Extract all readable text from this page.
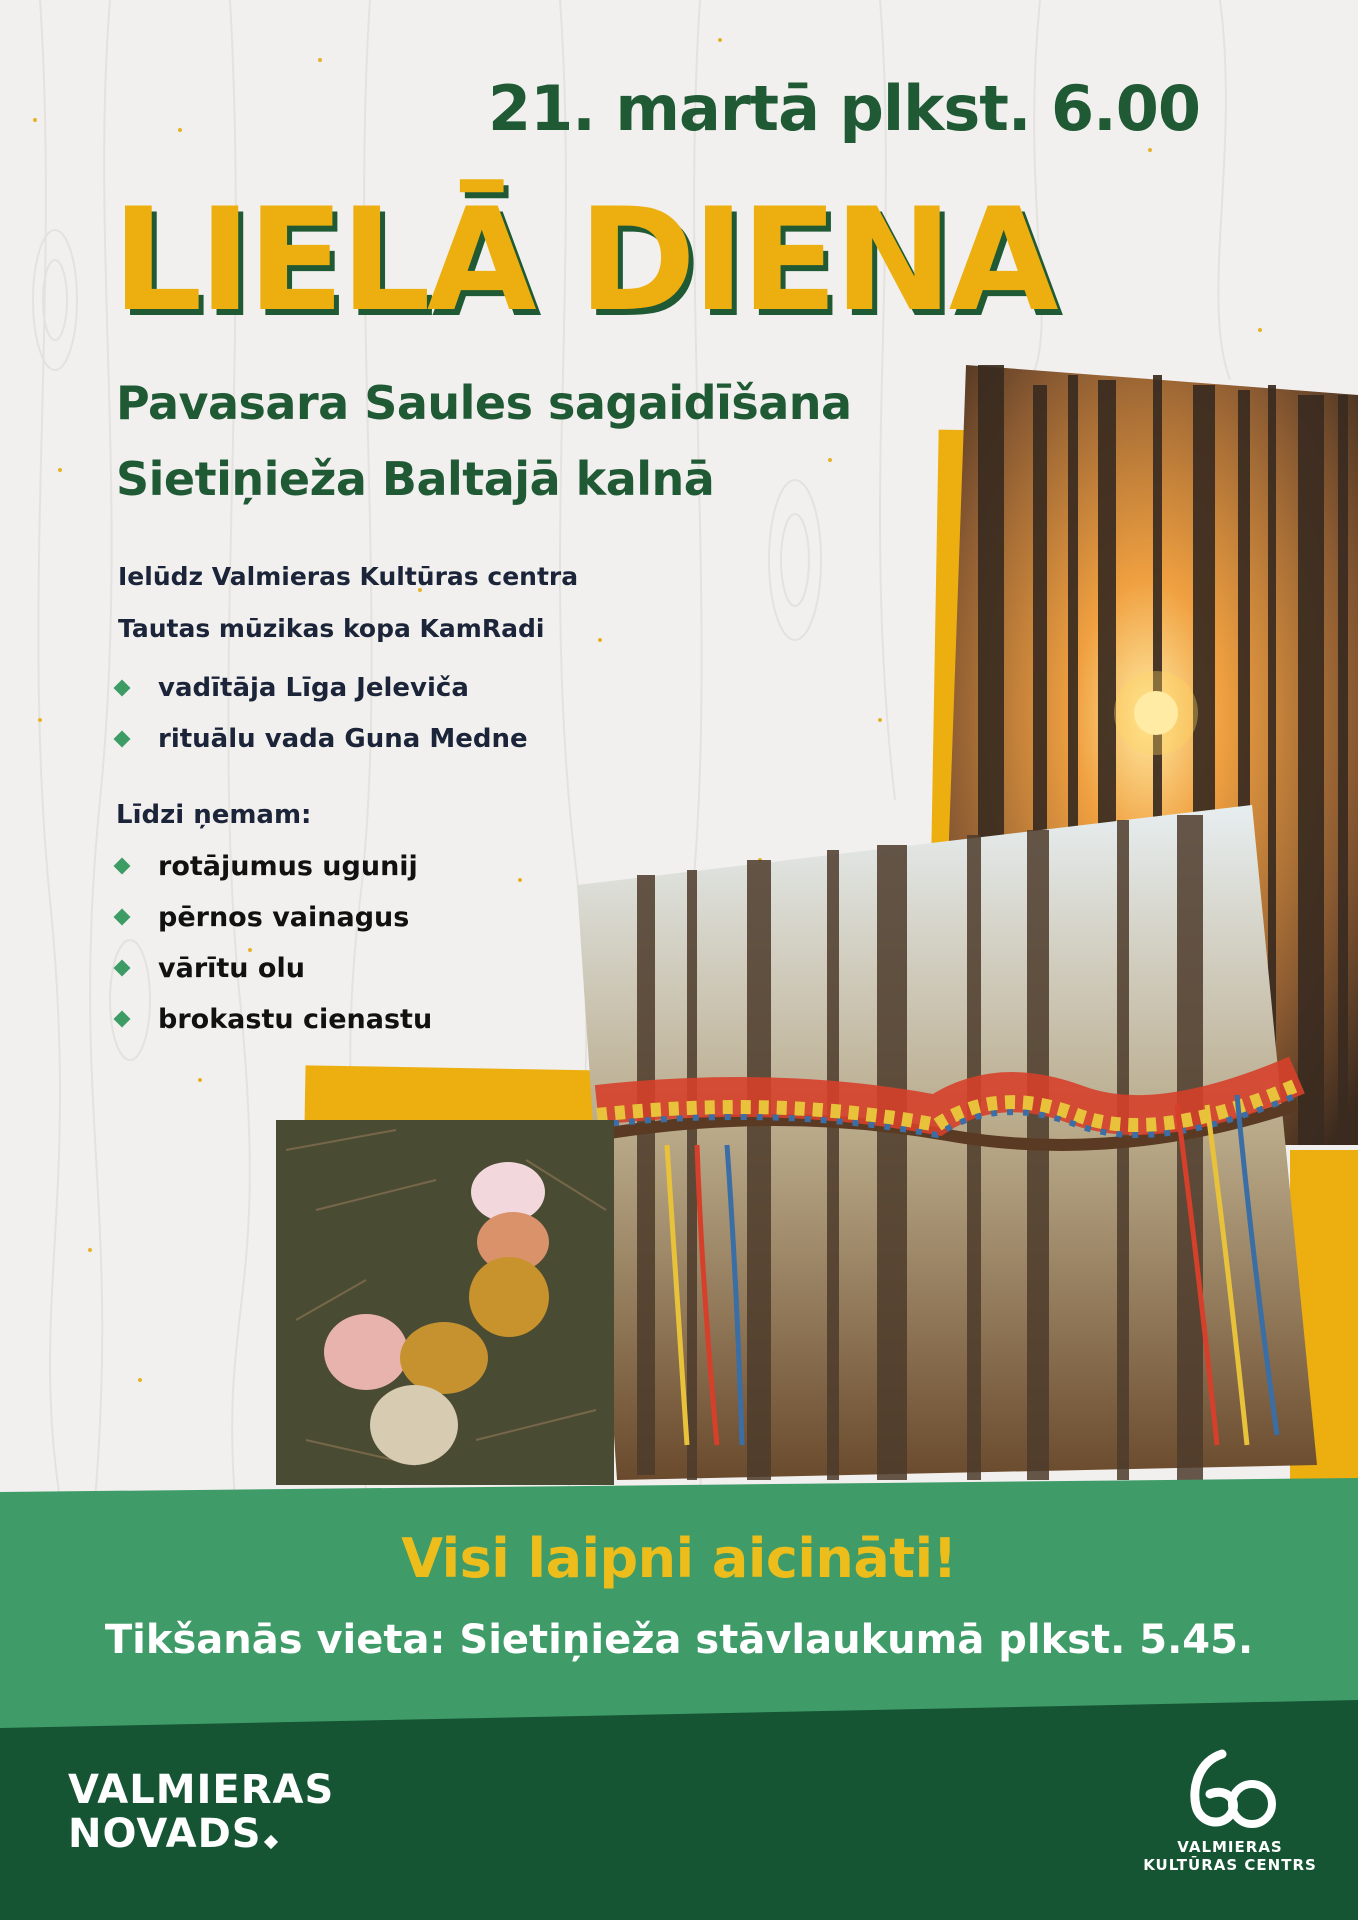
21. martā plkst. 6.00
LIELĀ DIENA
Pavasara Saules sagaidīšana
Sietiņieža Baltajā kalnā
Ielūdz Valmieras Kultūras centra
Tautas mūzikas kopa KamRadi
vadītāja Līga Jeleviča
rituālu vada Guna Medne
Līdzi ņemam:
rotājumus ugunij
pērnos vainagus
vārītu olu
brokastu cienastu
Visi laipni aicināti!
Tikšanās vieta: Sietiņieža stāvlaukumā plkst. 5.45.
VALMIERAS
NOVADS	VALMIERAS
KULTŪRAS CENTRS
